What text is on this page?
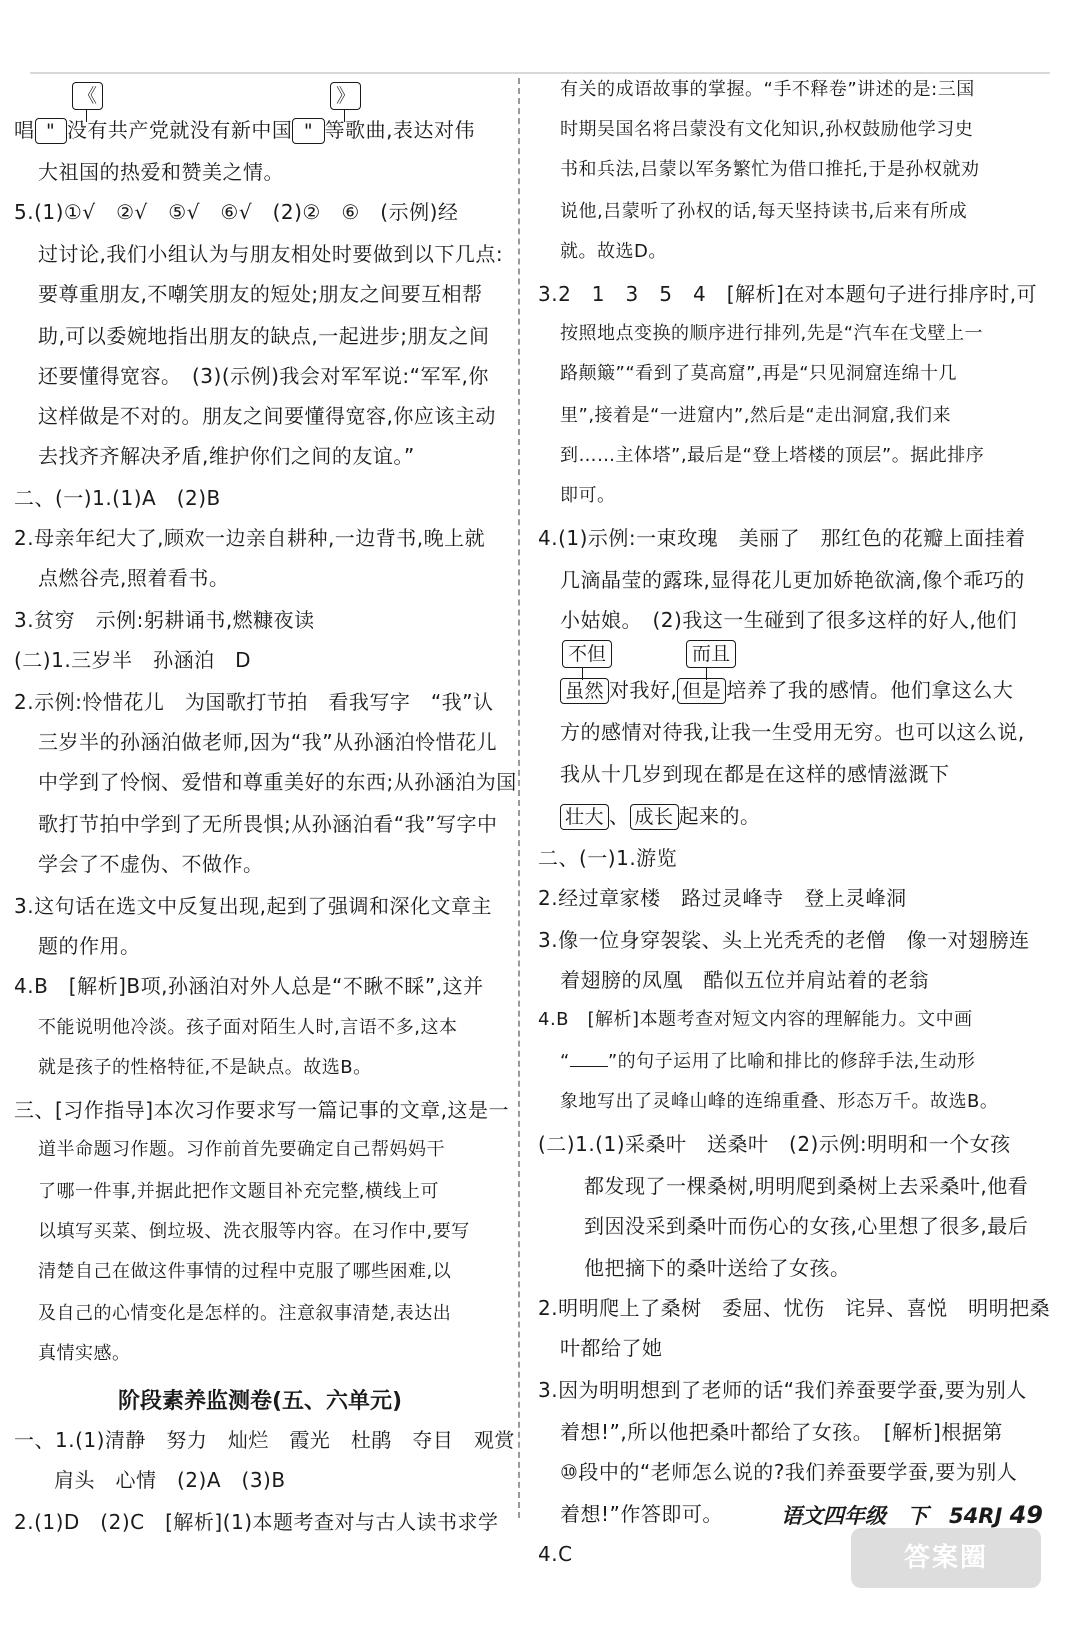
《	》
唱 " 没有共产党就没有新中国 " 等歌曲,表达对伟
大祖国的热爱和赞美之情。
5.(1)①√　②√　⑤√　⑥√　(2)②　⑥　(示例)经
过讨论,我们小组认为与朋友相处时要做到以下几点:
要尊重朋友,不嘲笑朋友的短处;朋友之间要互相帮
助,可以委婉地指出朋友的缺点,一起进步;朋友之间
还要懂得宽容。　(3)(示例)我会对军军说:“军军,你
这样做是不对的。朋友之间要懂得宽容,你应该主动
去找齐齐解决矛盾,维护你们之间的友谊。”
二、(一)1.(1)A　(2)B
2.母亲年纪大了,顾欢一边亲自耕种,一边背书,晚上就
点燃谷壳,照着看书。
3.贫穷　示例:躬耕诵书,燃糠夜读
(二)1.三岁半　孙涵泊　D
2.示例:怜惜花儿　为国歌打节拍　看我写字　“我”认
三岁半的孙涵泊做老师,因为“我”从孙涵泊怜惜花儿
中学到了怜悯、爱惜和尊重美好的东西;从孙涵泊为国
歌打节拍中学到了无所畏惧;从孙涵泊看“我”写字中
学会了不虚伪、不做作。
3.这句话在选文中反复出现,起到了强调和深化文章主
题的作用。
4.B　[解析]B项,孙涵泊对外人总是“不瞅不睬”,这并
不能说明他冷淡。孩子面对陌生人时,言语不多,这本
就是孩子的性格特征,不是缺点。故选B。
三、[习作指导]本次习作要求写一篇记事的文章,这是一
道半命题习作题。习作前首先要确定自己帮妈妈干
了哪一件事,并据此把作文题目补充完整,横线上可
以填写买菜、倒垃圾、洗衣服等内容。在习作中,要写
清楚自己在做这件事情的过程中克服了哪些困难,以
及自己的心情变化是怎样的。注意叙事清楚,表达出
真情实感。
阶段素养监测卷(五、六单元)
一、1.(1)清静　努力　灿烂　霞光　杜鹃　夺目　观赏
肩头　心情　(2)A　(3)B
2.(1)D　(2)C　[解析](1)本题考查对与古人读书求学
有关的成语故事的掌握。“手不释卷”讲述的是:三国
时期吴国名将吕蒙没有文化知识,孙权鼓励他学习史
书和兵法,吕蒙以军务繁忙为借口推托,于是孙权就劝
说他,吕蒙听了孙权的话,每天坚持读书,后来有所成
就。故选D。
3.2　1　3　5　4　[解析]在对本题句子进行排序时,可
按照地点变换的顺序进行排列,先是“汽车在戈壁上一
路颠簸”“看到了莫高窟”,再是“只见洞窟连绵十几
里”,接着是“一进窟内”,然后是“走出洞窟,我们来
到……主体塔”,最后是“登上塔楼的顶层”。据此排序
即可。
4.(1)示例:一束玫瑰　美丽了　那红色的花瓣上面挂着
几滴晶莹的露珠,显得花儿更加娇艳欲滴,像个乖巧的
小姑娘。　(2)我这一生碰到了很多这样的好人,他们
不但	而且
虽然 对我好, 但是 培养了我的感情。他们拿这么大
方的感情对待我,让我一生受用无穷。也可以这么说,
我从十几岁到现在都是在这样的感情滋溉下
壮大 、 成长 起来的。
二、(一)1.游览
2.经过章家楼　路过灵峰寺　登上灵峰洞
3.像一位身穿袈裟、头上光秃秃的老僧　像一对翅膀连
着翅膀的凤凰　酷似五位并肩站着的老翁
4.B　[解析]本题考查对短文内容的理解能力。文中画
“ ”的句子运用了比喻和排比的修辞手法,生动形
象地写出了灵峰山峰的连绵重叠、形态万千。故选B。
(二)1.(1)采桑叶　送桑叶　(2)示例:明明和一个女孩
都发现了一棵桑树,明明爬到桑树上去采桑叶,他看
到因没采到桑叶而伤心的女孩,心里想了很多,最后
他把摘下的桑叶送给了女孩。
2.明明爬上了桑树　委屈、忧伤　诧异、喜悦　明明把桑
叶都给了她
3.因为明明想到了老师的话“我们养蚕要学蚕,要为别人
着想!”,所以他把桑叶都给了女孩。　[解析]根据第
⑩段中的“老师怎么说的?我们养蚕要学蚕,要为别人
着想!”作答即可。
4.C
语文四年级　下　54RJ 49
答案圈 MXQE.COM
